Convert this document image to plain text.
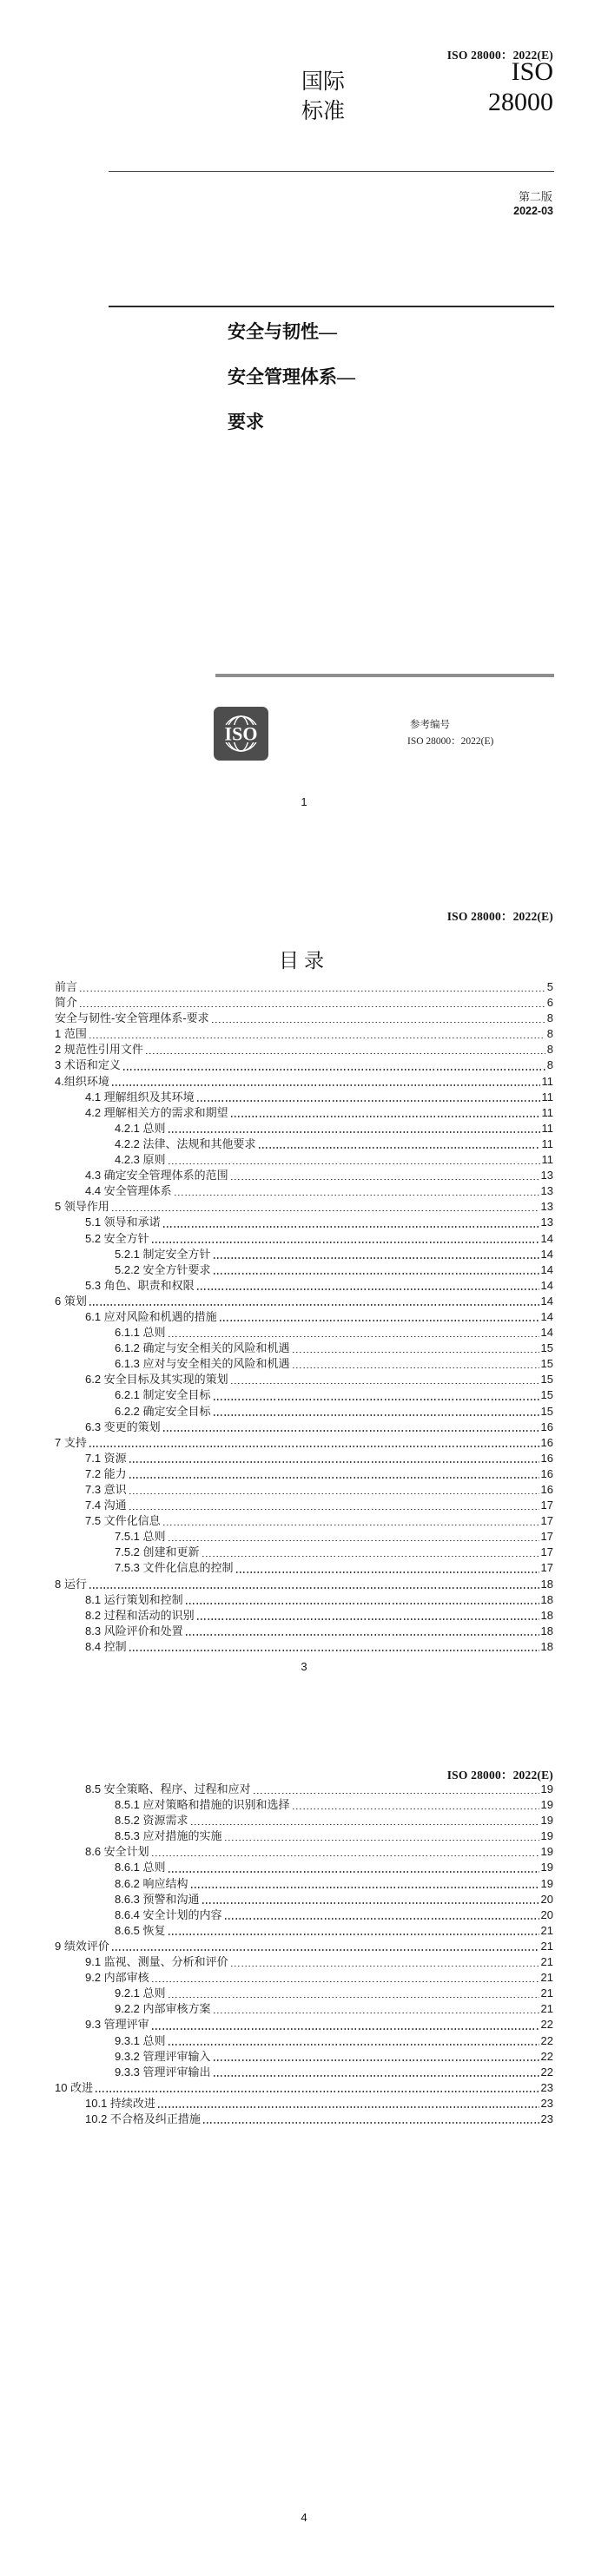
ISO 28000：2022(E)
国际	ISO
标准	28000
第二版
2022-03
安全与韧性—
安全管理体系—
要求
ISO	参考编号
ISO 28000：2022(E)
1
ISO 28000：2022(E)
目录
前言	5
简介	6
安全与韧性-安全管理体系-要求	8
1 范围	8
2 规范性引用文件	8
3 术语和定义	8
4.组织环境	11
4.1 理解组织及其环境	11
4.2 理解相关方的需求和期望	11
4.2.1 总则	11
4.2.2 法律、法规和其他要求	11
4.2.3 原则	11
4.3 确定安全管理体系的范围	13
4.4 安全管理体系	13
5 领导作用	13
5.1 领导和承诺	13
5.2 安全方针	14
5.2.1 制定安全方针	14
5.2.2 安全方针要求	14
5.3 角色、职责和权限	14
6 策划	14
6.1 应对风险和机遇的措施	14
6.1.1 总则	14
6.1.2 确定与安全相关的风险和机遇	15
6.1.3 应对与安全相关的风险和机遇	15
6.2 安全目标及其实现的策划	15
6.2.1 制定安全目标	15
6.2.2 确定安全目标	15
6.3 变更的策划	16
7 支持	16
7.1 资源	16
7.2 能力	16
7.3 意识	16
7.4 沟通	17
7.5 文件化信息	17
7.5.1 总则	17
7.5.2 创建和更新	17
7.5.3 文件化信息的控制	17
8 运行	18
8.1 运行策划和控制	18
8.2 过程和活动的识别	18
8.3 风险评价和处置	18
8.4 控制	18
3
ISO 28000：2022(E)
8.5 安全策略、程序、过程和应对	19
8.5.1 应对策略和措施的识别和选择	19
8.5.2 资源需求	19
8.5.3 应对措施的实施	19
8.6 安全计划	19
8.6.1 总则	19
8.6.2 响应结构	19
8.6.3 预警和沟通	20
8.6.4 安全计划的内容	20
8.6.5 恢复	21
9 绩效评价	21
9.1 监视、测量、分析和评价	21
9.2 内部审核	21
9.2.1 总则	21
9.2.2 内部审核方案	21
9.3 管理评审	22
9.3.1 总则	22
9.3.2 管理评审输入	22
9.3.3 管理评审输出	22
10 改进	23
10.1 持续改进	23
10.2 不合格及纠正措施	23
4
